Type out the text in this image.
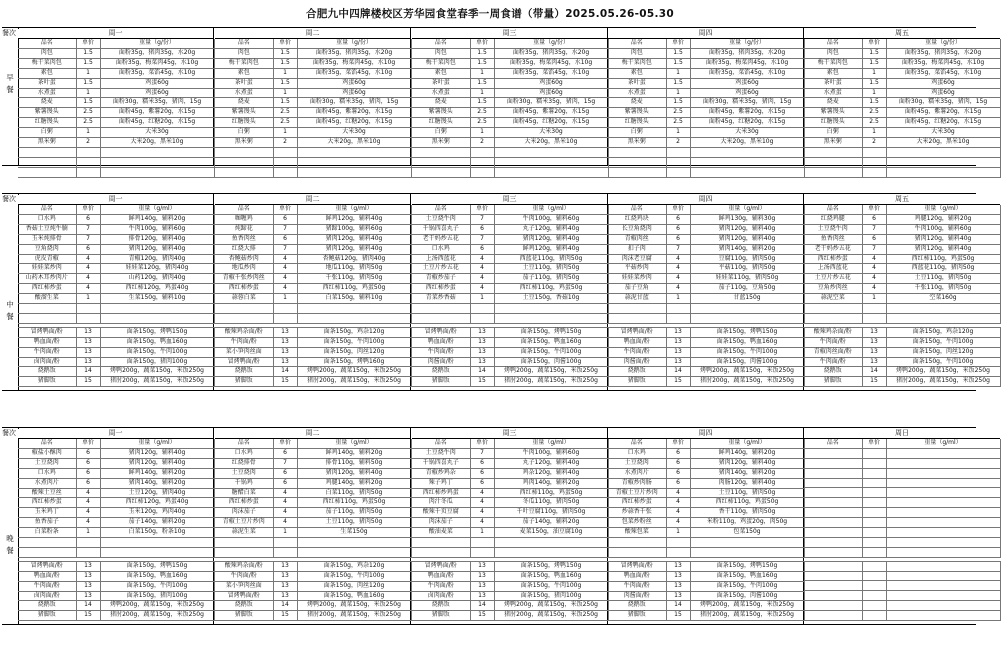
合肥九中四牌楼校区芳华园食堂春季一周食谱（带量）2025.05.26-05.30
餐次
早
餐
周一
品名	单价	重量（g/份）
肉包	1.5	面粉35g，猪肉35g，水20g
梅干菜肉包	1.5	面粉35g，梅菜肉45g，水10g
素包	1	面粉35g，菜馅45g，水10g
茶叶蛋	1.5	鸡蛋60g
水煮蛋	1	鸡蛋60g
烧麦	1.5	面粉30g，糯米35g，猪肉，15g
紫薯馒头	2.5	面粉45g，紫薯20g，水15g
红糖馒头	2.5	面粉45g，红糖20g，水15g
白粥	1	大米30g
黑米粥	2	大米20g，黑米10g

周二
品名	单价	重量（g/份）
肉包	1.5	面粉35g，猪肉35g，水20g
梅干菜肉包	1.5	面粉35g，梅菜肉45g，水10g
素包	1	面粉35g，菜馅45g，水10g
茶叶蛋	1.5	鸡蛋60g
水煮蛋	1	鸡蛋60g
烧麦	1.5	面粉30g，糯米35g，猪肉，15g
紫薯馒头	2.5	面粉45g，紫薯20g，水15g
红糖馒头	2.5	面粉45g，红糖20g，水15g
白粥	1	大米30g
黑米粥	2	大米20g，黑米10g

周三
品名	单价	重量（g/份）
肉包	1.5	面粉35g，猪肉35g，水20g
梅干菜肉包	1.5	面粉35g，梅菜肉45g，水10g
素包	1	面粉35g，菜馅45g，水10g
茶叶蛋	1.5	鸡蛋60g
水煮蛋	1	鸡蛋60g
烧麦	1.5	面粉30g，糯米35g，猪肉，15g
紫薯馒头	2.5	面粉45g，紫薯20g，水15g
红糖馒头	2.5	面粉45g，红糖20g，水15g
白粥	1	大米30g
黑米粥	2	大米20g，黑米10g

周四
品名	单价	重量（g/份）
肉包	1.5	面粉35g，猪肉35g，水20g
梅干菜肉包	1.5	面粉35g，梅菜肉45g，水10g
素包	1	面粉35g，菜馅45g，水10g
茶叶蛋	1.5	鸡蛋60g
水煮蛋	1	鸡蛋60g
烧麦	1.5	面粉30g，糯米35g，猪肉，15g
紫薯馒头	2.5	面粉45g，紫薯20g，水15g
红糖馒头	2.5	面粉45g，红糖20g，水15g
白粥	1	大米30g
黑米粥	2	大米20g，黑米10g

周五
品名	单价	重量（g/份）
肉包	1.5	面粉35g，猪肉35g，水20g
梅干菜肉包	1.5	面粉35g，梅菜肉45g，水10g
素包	1	面粉35g，菜馅45g，水10g
茶叶蛋	1.5	鸡蛋60g
水煮蛋	1	鸡蛋60g
烧麦	1.5	面粉30g，糯米35g，猪肉，15g
紫薯馒头	2.5	面粉45g，紫薯20g，水15g
红糖馒头	2.5	面粉45g，红糖20g，水15g
白粥	1	大米30g
黑米粥	2	大米20g，黑米10g

餐次
中
餐
周一
品名	单价	重量（g/ml）
口水鸡	6	鲜鸡140g，辅料20g
香菇土豆炖牛腩	7	牛肉100g，辅料60g
玉米炖排骨	7	排骨120g，辅料40g
豆角烧肉	6	猪肉120g，辅料40g
虎皮青椒	4	青椒120g，猪肉40g
娃娃菜炒肉	4	娃娃菜120g，猪肉40g
山药木耳炒肉片	4	山药120g，猪肉40g
西红柿炒蛋	4	西红柿120g，鸡蛋40g
酸溜生菜	1	生菜150g，辅料10g

冒烤鸭面/粉	13	面条150g，烤鸭150g
鸭血面/粉	13	面条150g，鸭血160g
牛肉面/粉	13	面条150g，牛肉100g
卤肉面/粉	13	面条150g，猪肉100g
烧鹅饭	14	烤鸭200g，蔬菜150g，米饭250g
猪脚饭	15	猪肘200g，蔬菜150g，米饭250g
周二
品名	单价	重量（g/ml）
咖喱鸡	6	鲜鸡120g，辅料40g
炖蹄花	7	猪蹄100g，辅料60g
鱼香肉丝	6	猪肉120g，辅料40g
红烧大排	7	猪肉120g，辅料40g
杏鲍菇炒肉	4	杏鲍菇120g，猪肉40g
地瓜炒肉	4	地瓜110g，猪肉50g
青椒千张炒肉丝	4	千张110g，猪肉50g
西红柿炒蛋	4	西红柿110g，鸡蛋50g
蒜蓉白菜	1	白菜150g，辅料10g

酸辣鸡杂面/粉	13	面条150g，鸡杂120g
牛肉面/粉	13	面条150g，牛肉100g
菜小笋肉丝面	13	面条150g，肉丝120g
冒烤鸭面/粉	13	面条150g，烤鸭160g
烧鹅饭	14	烤鸭200g，蔬菜150g，米饭250g
猪脚饭	15	猪肘200g，蔬菜150g，米饭250g
周三
品名	单价	重量（g/ml）
土豆烧牛肉	7	牛肉100g，辅料60g
千锅四喜丸子	6	丸子120g，辅料40g
老干妈炒五花	7	猪肉120g，辅料40g
口水鸡	6	鲜鸡120g，辅料40g
上汤西蓝花	4	西蓝花110g，猪肉50g
土豆片炒五花	4	土豆110g，猪肉50g
青椒炒茄子	4	茄子110g，猪肉50g
西红柿炒蛋	4	西红柿110g，鸡蛋50g
青菜炒香菇	1	土豆150g，香菇10g

冒烤鸭面/粉	13	面条150g，烤鸭150g
鸭血面/粉	13	面条150g，鸭血160g
牛肉面/粉	13	面条150g，牛肉100g
肉酱面/粉	13	面条150g，肉酱100g
烧鹅饭	14	烤鸭200g，蔬菜150g，米饭250g
猪脚饭	15	猪肘200g，蔬菜150g，米饭250g
周四
品名	单价	重量（g/ml）
红烧鸡块	6	鲜鸡130g，辅料30g
长豆角烧肉	6	猪肉120g，辅料40g
青椒肉丝	6	猪肉120g，辅料40g
扣子肉	7	猪肉140g，辅料20g
肉沫老豆腐	4	豆腐110g，猪肉50g
平菇炒肉	4	平菇110g，猪肉50g
娃娃菜炒肉	4	娃娃菜110g，猪肉50g
茄子豆角	4	茄子110g，豆角50g
蒜泥甘蓝	1	甘蓝150g

冒烤鸭面/粉	13	面条150g，烤鸭150g
鸭血面/粉	13	面条150g，鸭血160g
牛肉面/粉	13	面条150g，牛肉100g
肉酱面/粉	13	面条150g，肉酱100g
烧鹅饭	14	烤鸭200g，蔬菜150g，米饭250g
猪脚饭	15	猪肘200g，蔬菜150g，米饭250g
周五
品名	单价	重量（g/ml）
红烧鸡腿	6	鸡腿120g，辅料20g
土豆烧牛肉	7	牛肉100g，辅料60g
鱼香肉丝	6	猪肉120g，辅料40g
老干妈炒五花	7	猪肉120g，辅料40g
西红柿炒蛋	4	西红柿110g，鸡蛋50g
上汤西蓝花	4	西蓝花110g，猪肉50g
土豆片炒五花	4	土豆110g，猪肉50g
豆角炒肉丝	4	千张110g，猪肉50g
蒜泥空菜	1	空菜160g

酸辣鸡杂面/粉	13	面条150g，鸡杂120g
牛肉面/粉	13	面条150g，牛肉100g
青椒肉丝面/粉	13	面条150g，肉丝120g
牛肉面/粉	13	面条150g，牛肉100g
烧鹅饭	14	烤鸭200g，蔬菜150g，米饭250g
猪脚饭	15	猪肘200g，蔬菜150g，米饭250g
餐次
晚
餐
周一
品名	单价	重量（g/ml）
椒盐小酥肉	6	猪肉120g，辅料40g
土豆烧肉	6	猪肉120g，辅料40g
口水鸡	6	鲜鸡140g，辅料20g
水煮肉片	6	猪肉140g，辅料20g
酸辣土豆丝	4	土豆120g，猪肉40g
西红柿炒蛋	4	西红柿120g，鸡蛋40g
玉米鸡丁	4	玉米120g，鸡肉40g
鱼香茄子	4	茄子140g，辅料20g
白菜粉条	1	白菜150g，粉条10g

冒烤鸭面/粉	13	面条150g，烤鸭150g
鸭血面/粉	13	面条150g，鸭血160g
牛肉面/粉	13	面条150g，牛肉100g
卤肉面/粉	13	面条150g，猪肉100g
烧鹅饭	14	烤鸭200g，蔬菜150g，米饭250g
猪脚饭	15	猪肘200g，蔬菜150g，米饭250g
周二
品名	单价	重量（g/ml）
口水鸡	6	鲜鸡140g，辅料20g
红烧排骨	7	排骨110g，辅料50g
土豆烧肉	6	猪肉120g，辅料40g
千锅鸡	6	鸡腿140g，辅料20g
糖醋白菜	4	白菜110g，猪肉50g
西红柿炒蛋	4	西红柿110g，鸡蛋50g
肉沫茄子	4	茄子110g，猪肉50g
青椒土豆片炒肉	4	土豆110g，猪肉50g
蒜泥生菜	1	生菜150g

酸辣鸡杂面/粉	13	面条150g，鸡杂120g
牛肉面/粉	13	面条150g，牛肉100g
菜小笋肉丝面	13	面条150g，肉丝120g
冒烤鸭面/粉	13	面条150g，鸭血160g
烧鹅饭	14	烤鸭200g，蔬菜150g，米饭250g
猪脚饭	15	猪肘200g，蔬菜150g，米饭250g
周三
品名	单价	重量（g/ml）
土豆烧牛肉	7	牛肉100g，辅料60g
千锅四喜丸子	6	丸子120g，辅料40g
青椒炒鸡杂	6	鸡杂120g，辅料40g
辣子鸡丁	6	鸡肉140g，辅料20g
西红柿炒鸡蛋	4	西红柿110g，鸡蛋50g
肉汁冬瓜	4	冬瓜110g，猪肉50g
酸辣千页豆腐	4	千叶豆腐110g，猪肉50g
肉沫茄子	4	茄子140g，辅料20g
酸油麦菜	1	麦菜150g，油豆腐10g

冒烤鸭面/粉	13	面条150g，烤鸭150g
鸭血面/粉	13	面条150g，鸭血160g
牛肉面/粉	13	面条150g，牛肉100g
卤肉面/粉	13	面条150g，猪肉100g
烧鹅饭	14	烤鸭200g，蔬菜150g，米饭250g
猪脚饭	15	猪肘200g，蔬菜150g，米饭250g
周四
品名	单价	重量（g/ml）
口水鸡	6	鲜鸡140g，辅料20g
土豆烧肉	6	猪肉120g，辅料40g
水煮肉片	6	猪肉140g，辅料20g
青椒炒肉肠	6	肉肠120g，辅料40g
青椒土豆片炒肉	4	土豆110g，猪肉50g
西红柿炒蛋	4	西红柿110g，鸡蛋50g
炒蒜香千张	4	香干110g，猪肉50g
包菜炒粉丝	4	米粉110g，鸡蛋20g，肉50g
酸辣包菜	1	包菜150g

冒烤鸭面/粉	13	面条150g，烤鸭150g
鸭血面/粉	13	面条150g，鸭血160g
牛肉面/粉	13	面条150g，牛肉100g
肉酱面/粉	13	面条150g，肉酱100g
烧鹅饭	14	烤鸭200g，蔬菜150g，米饭250g
猪脚饭	15	猪肘200g，蔬菜150g，米饭250g
周日
品名	单价	重量（g/ml）
